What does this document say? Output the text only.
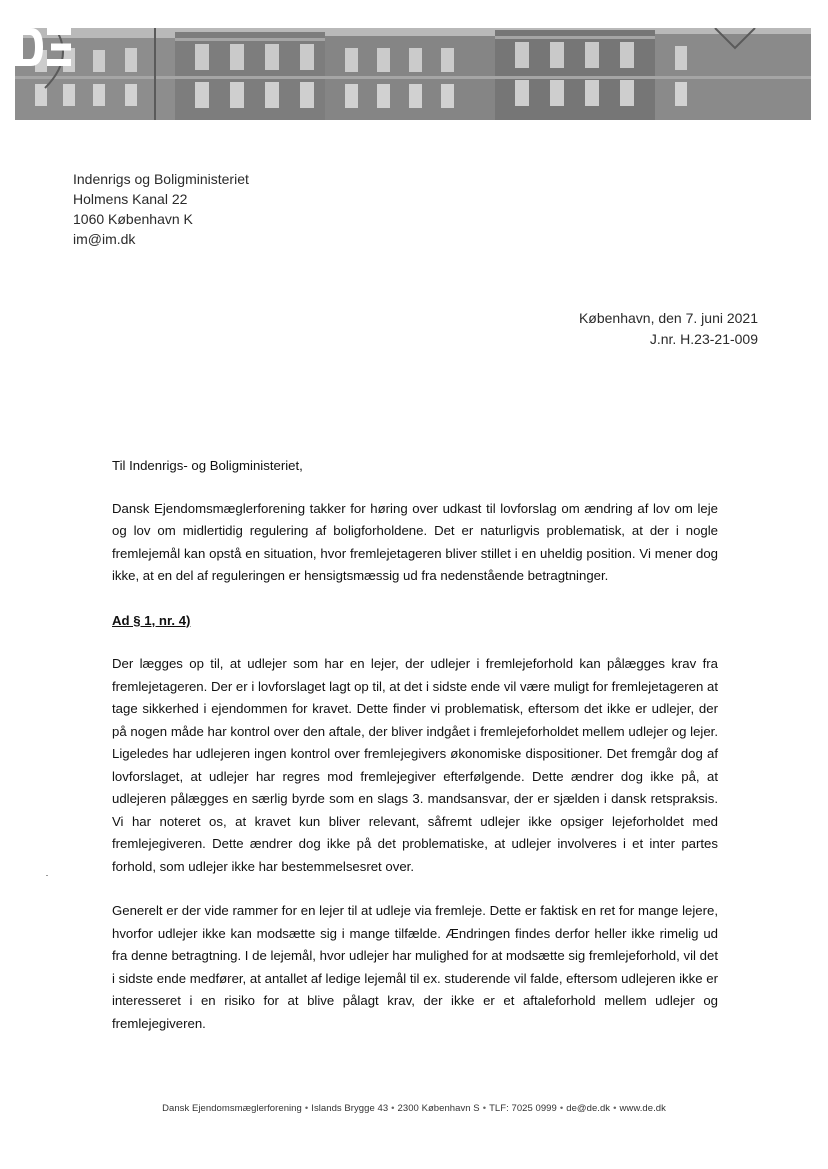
Indenrigs og Boligministeriet
Holmens Kanal 22
1060 København K
im@im.dk
København, den 7. juni 2021
J.nr. H.23-21-009

Til Indenrigs- og Boligministeriet,

Dansk Ejendomsmæglerforening takker for høring over udkast til lovforslag om ændring af lov om leje og lov om midlertidig regulering af boligforholdene. Det er naturligvis problematisk, at der i nogle fremlejemål kan opstå en situation, hvor fremlejetageren bliver stillet i en uheldig position. Vi mener dog ikke, at en del af reguleringen er hensigtsmæssig ud fra nedenstående betragtninger.

Ad § 1, nr. 4)

Der lægges op til, at udlejer som har en lejer, der udlejer i fremlejeforhold kan pålægges krav fra fremlejetageren. Der er i lovforslaget lagt op til, at det i sidste ende vil være muligt for fremlejetageren at tage sikkerhed i ejendommen for kravet. Dette finder vi problematisk, eftersom det ikke er udlejer, der på nogen måde har kontrol over den aftale, der bliver indgået i fremlejeforholdet mellem udlejer og lejer. Ligeledes har udlejeren ingen kontrol over fremlejegivers økonomiske dispositioner. Det fremgår dog af lovforslaget, at udlejer har regres mod fremlejegiver efterfølgende. Dette ændrer dog ikke på, at udlejeren pålægges en særlig byrde som en slags 3. mandsansvar, der er sjælden i dansk retspraksis. Vi har noteret os, at kravet kun bliver relevant, såfremt udlejer ikke opsiger lejeforholdet med fremlejegiveren. Dette ændrer dog ikke på det problematiske, at udlejer involveres i et inter partes forhold, som udlejer ikke har bestemmelsesret over.

Generelt er der vide rammer for en lejer til at udleje via fremleje. Dette er faktisk en ret for mange lejere, hvorfor udlejer ikke kan modsætte sig i mange tilfælde. Ændringen findes derfor heller ikke rimelig ud fra denne betragtning. I de lejemål, hvor udlejer har mulighed for at modsætte sig fremlejeforhold, vil det i sidste ende medfører, at antallet af ledige lejemål til ex. studerende vil falde, eftersom udlejeren ikke er interesseret i en risiko for at blive pålagt krav, der ikke er et aftaleforhold mellem udlejer og fremlejegiveren.

Dansk Ejendomsmæglerforening • Islands Brygge 43 • 2300 København S • TLF: 7025 0999 • de@de.dk • www.de.dk
